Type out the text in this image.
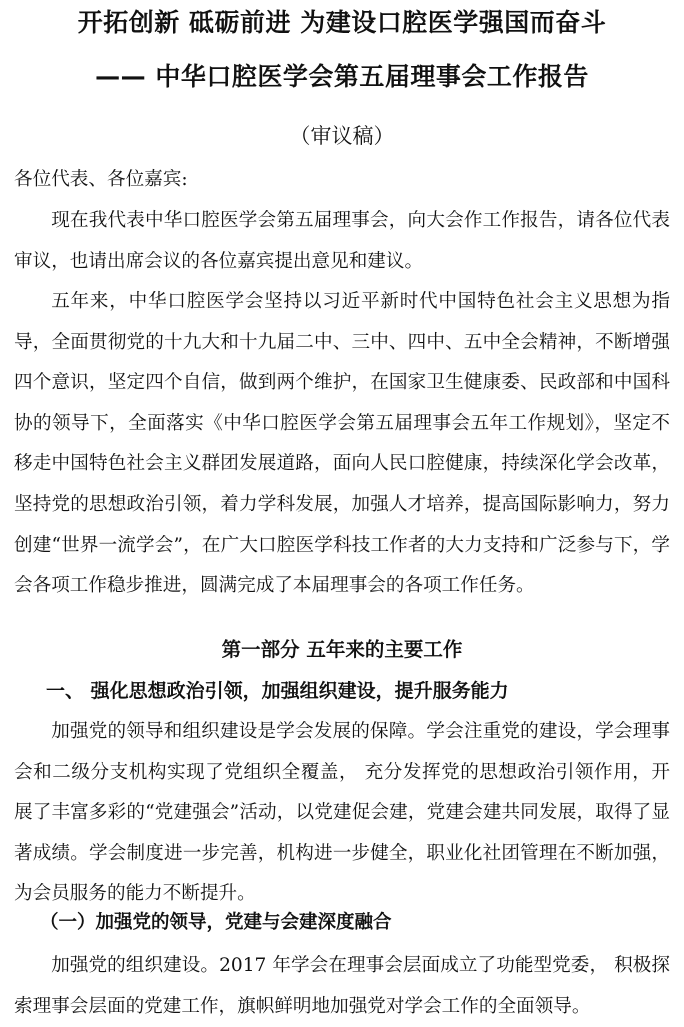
开拓创新 砥砺前进 为建设口腔医学强国而奋斗
—— 中华口腔医学会第五届理事会工作报告
（审议稿）
各位代表、各位嘉宾:
现在我代表中华口腔医学会第五届理事会，向大会作工作报告，请各位代表审议，也请出席会议的各位嘉宾提出意见和建议。
五年来，中华口腔医学会坚持以习近平新时代中国特色社会主义思想为指导，全面贯彻党的十九大和十九届二中、三中、四中、五中全会精神，不断增强四个意识，坚定四个自信，做到两个维护，在国家卫生健康委、民政部和中国科协的领导下，全面落实《中华口腔医学会第五届理事会五年工作规划》，坚定不移走中国特色社会主义群团发展道路，面向人民口腔健康，持续深化学会改革，坚持党的思想政治引领，着力学科发展，加强人才培养，提高国际影响力，努力创建“世界一流学会”，在广大口腔医学科技工作者的大力支持和广泛参与下，学会各项工作稳步推进，圆满完成了本届理事会的各项工作任务。
第一部分 五年来的主要工作
一、 强化思想政治引领，加强组织建设，提升服务能力
加强党的领导和组织建设是学会发展的保障。学会注重党的建设，学会理事会和二级分支机构实现了党组织全覆盖， 充分发挥党的思想政治引领作用，开展了丰富多彩的“党建强会”活动，以党建促会建，党建会建共同发展，取得了显著成绩。学会制度进一步完善，机构进一步健全，职业化社团管理在不断加强， 为会员服务的能力不断提升。
（一）加强党的领导，党建与会建深度融合
加强党的组织建设。2017 年学会在理事会层面成立了功能型党委， 积极探索理事会层面的党建工作，旗帜鲜明地加强党对学会工作的全面领导。
